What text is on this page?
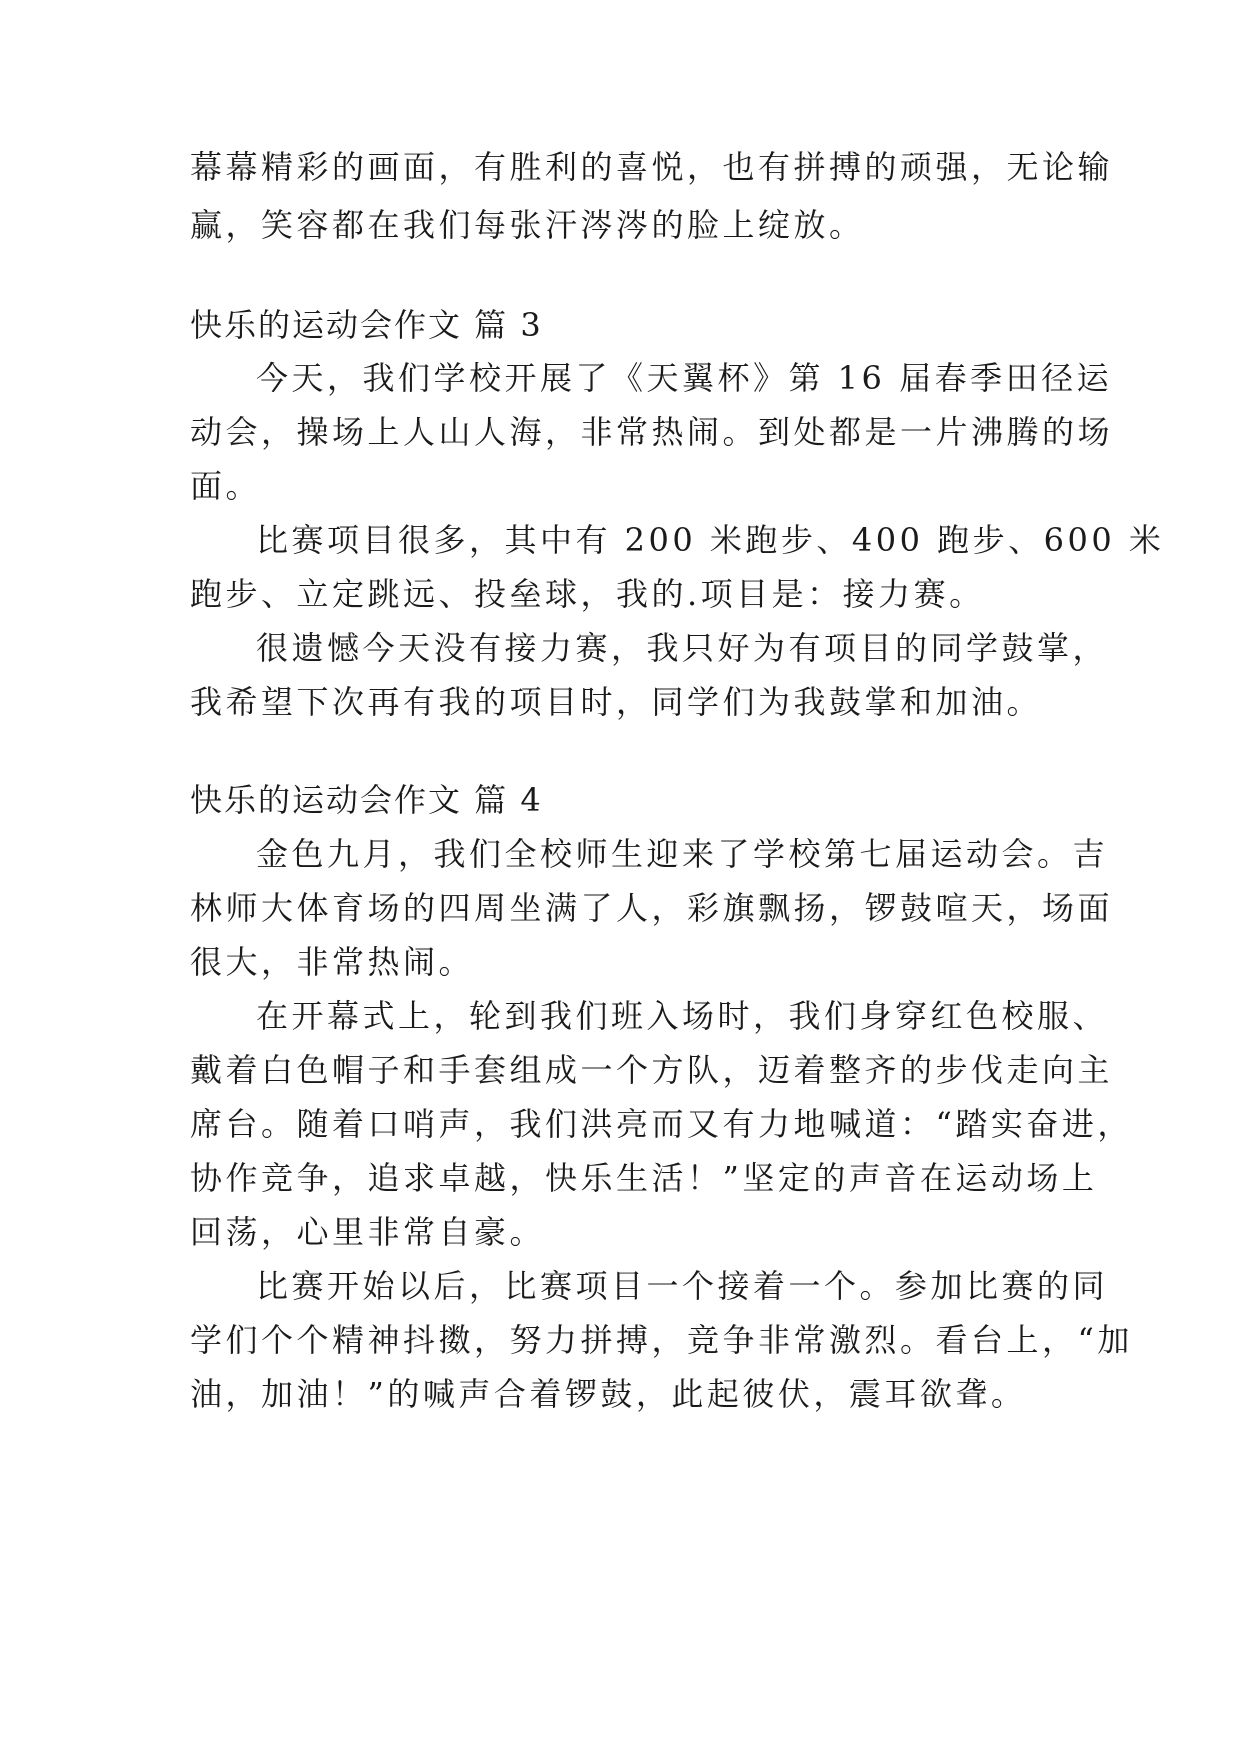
幕幕精彩的画面，有胜利的喜悦，也有拼搏的顽强，无论输
赢，笑容都在我们每张汗涔涔的脸上绽放。
快乐的运动会作文 篇 3
今天，我们学校开展了《天翼杯》第 16 届春季田径运
动会，操场上人山人海，非常热闹。到处都是一片沸腾的场
面。
比赛项目很多，其中有 200 米跑步、400 跑步、600 米
跑步、立定跳远、投垒球，我的.项目是：接力赛。
很遗憾今天没有接力赛，我只好为有项目的同学鼓掌，
我希望下次再有我的项目时，同学们为我鼓掌和加油。
快乐的运动会作文 篇 4
金色九月，我们全校师生迎来了学校第七届运动会。吉
林师大体育场的四周坐满了人，彩旗飘扬，锣鼓喧天，场面
很大，非常热闹。
在开幕式上，轮到我们班入场时，我们身穿红色校服、
戴着白色帽子和手套组成一个方队，迈着整齐的步伐走向主
席台。随着口哨声，我们洪亮而又有力地喊道：“踏实奋进，
协作竞争，追求卓越，快乐生活！”坚定的声音在运动场上
回荡，心里非常自豪。
比赛开始以后，比赛项目一个接着一个。参加比赛的同
学们个个精神抖擞，努力拼搏，竞争非常激烈。看台上，“加
油，加油！”的喊声合着锣鼓，此起彼伏，震耳欲聋。
